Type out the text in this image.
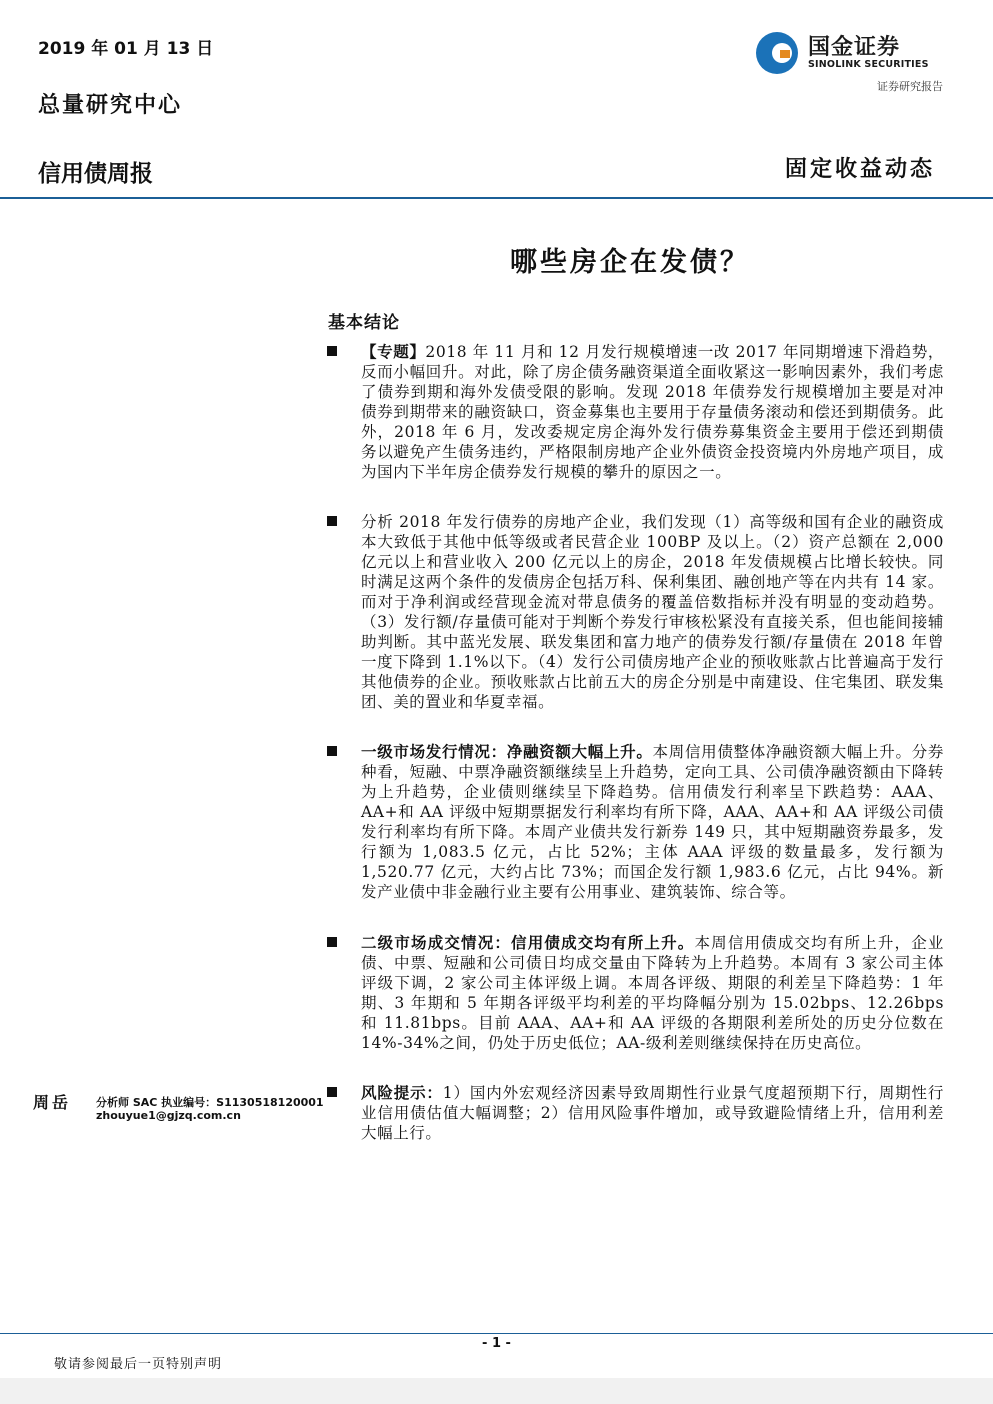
2019 年 01 月 13 日
总量研究中心
信用债周报	固定收益动态
国金证券
SINOLINK SECURITIES
证券研究报告
哪些房企在发债？
基本结论
【专题】2018 年 11 月和 12 月发行规模增速一改 2017 年同期增速下滑趋势，反而小幅回升。对此，除了房企债务融资渠道全面收紧这一影响因素外，我们考虑了债券到期和海外发债受限的影响。发现 2018 年债券发行规模增加主要是对冲债券到期带来的融资缺口，资金募集也主要用于存量债务滚动和偿还到期债务。此外，2018 年 6 月，发改委规定房企海外发行债券募集资金主要用于偿还到期债务以避免产生债务违约，严格限制房地产企业外债资金投资境内外房地产项目，成为国内下半年房企债券发行规模的攀升的原因之一。
分析 2018 年发行债券的房地产企业，我们发现（1）高等级和国有企业的融资成本大致低于其他中低等级或者民营企业 100BP 及以上。（2）资产总额在 2,000 亿元以上和营业收入 200 亿元以上的房企，2018 年发债规模占比增长较快。同时满足这两个条件的发债房企包括万科、保利集团、融创地产等在内共有 14 家。而对于净利润或经营现金流对带息债务的覆盖倍数指标并没有明显的变动趋势。（3）发行额/存量债可能对于判断个券发行审核松紧没有直接关系，但也能间接辅助判断。其中蓝光发展、联发集团和富力地产的债券发行额/存量债在 2018 年曾一度下降到 1.1%以下。（4）发行公司债房地产企业的预收账款占比普遍高于发行其他债券的企业。预收账款占比前五大的房企分别是中南建设、住宅集团、联发集团、美的置业和华夏幸福。
一级市场发行情况：净融资额大幅上升。本周信用债整体净融资额大幅上升。分券种看，短融、中票净融资额继续呈上升趋势，定向工具、公司债净融资额由下降转为上升趋势，企业债则继续呈下降趋势。信用债发行利率呈下跌趋势：AAA、AA+和 AA 评级中短期票据发行利率均有所下降，AAA、AA+和 AA 评级公司债发行利率均有所下降。本周产业债共发行新券 149 只，其中短期融资券最多，发行额为 1,083.5 亿元，占比 52%；主体 AAA 评级的数量最多，发行额为 1,520.77 亿元，大约占比 73%；而国企发行额 1,983.6 亿元，占比 94%。新发产业债中非金融行业主要有公用事业、建筑装饰、综合等。
二级市场成交情况：信用债成交均有所上升。本周信用债成交均有所上升，企业债、中票、短融和公司债日均成交量由下降转为上升趋势。本周有 3 家公司主体评级下调，2 家公司主体评级上调。本周各评级、期限的利差呈下降趋势：1 年期、3 年期和 5 年期各评级平均利差的平均降幅分别为 15.02bps、12.26bps 和 11.81bps。目前 AAA、AA+和 AA 评级的各期限利差所处的历史分位数在 14%-34%之间，仍处于历史低位；AA-级利差则继续保持在历史高位。
风险提示：1）国内外宏观经济因素导致周期性行业景气度超预期下行，周期性行业信用债估值大幅调整；2）信用风险事件增加，或导致避险情绪上升，信用利差大幅上行。
周岳 分析师 SAC 执业编号：S1130518120001
zhouyue1@gjzq.com.cn
- 1 -
敬请参阅最后一页特别声明
